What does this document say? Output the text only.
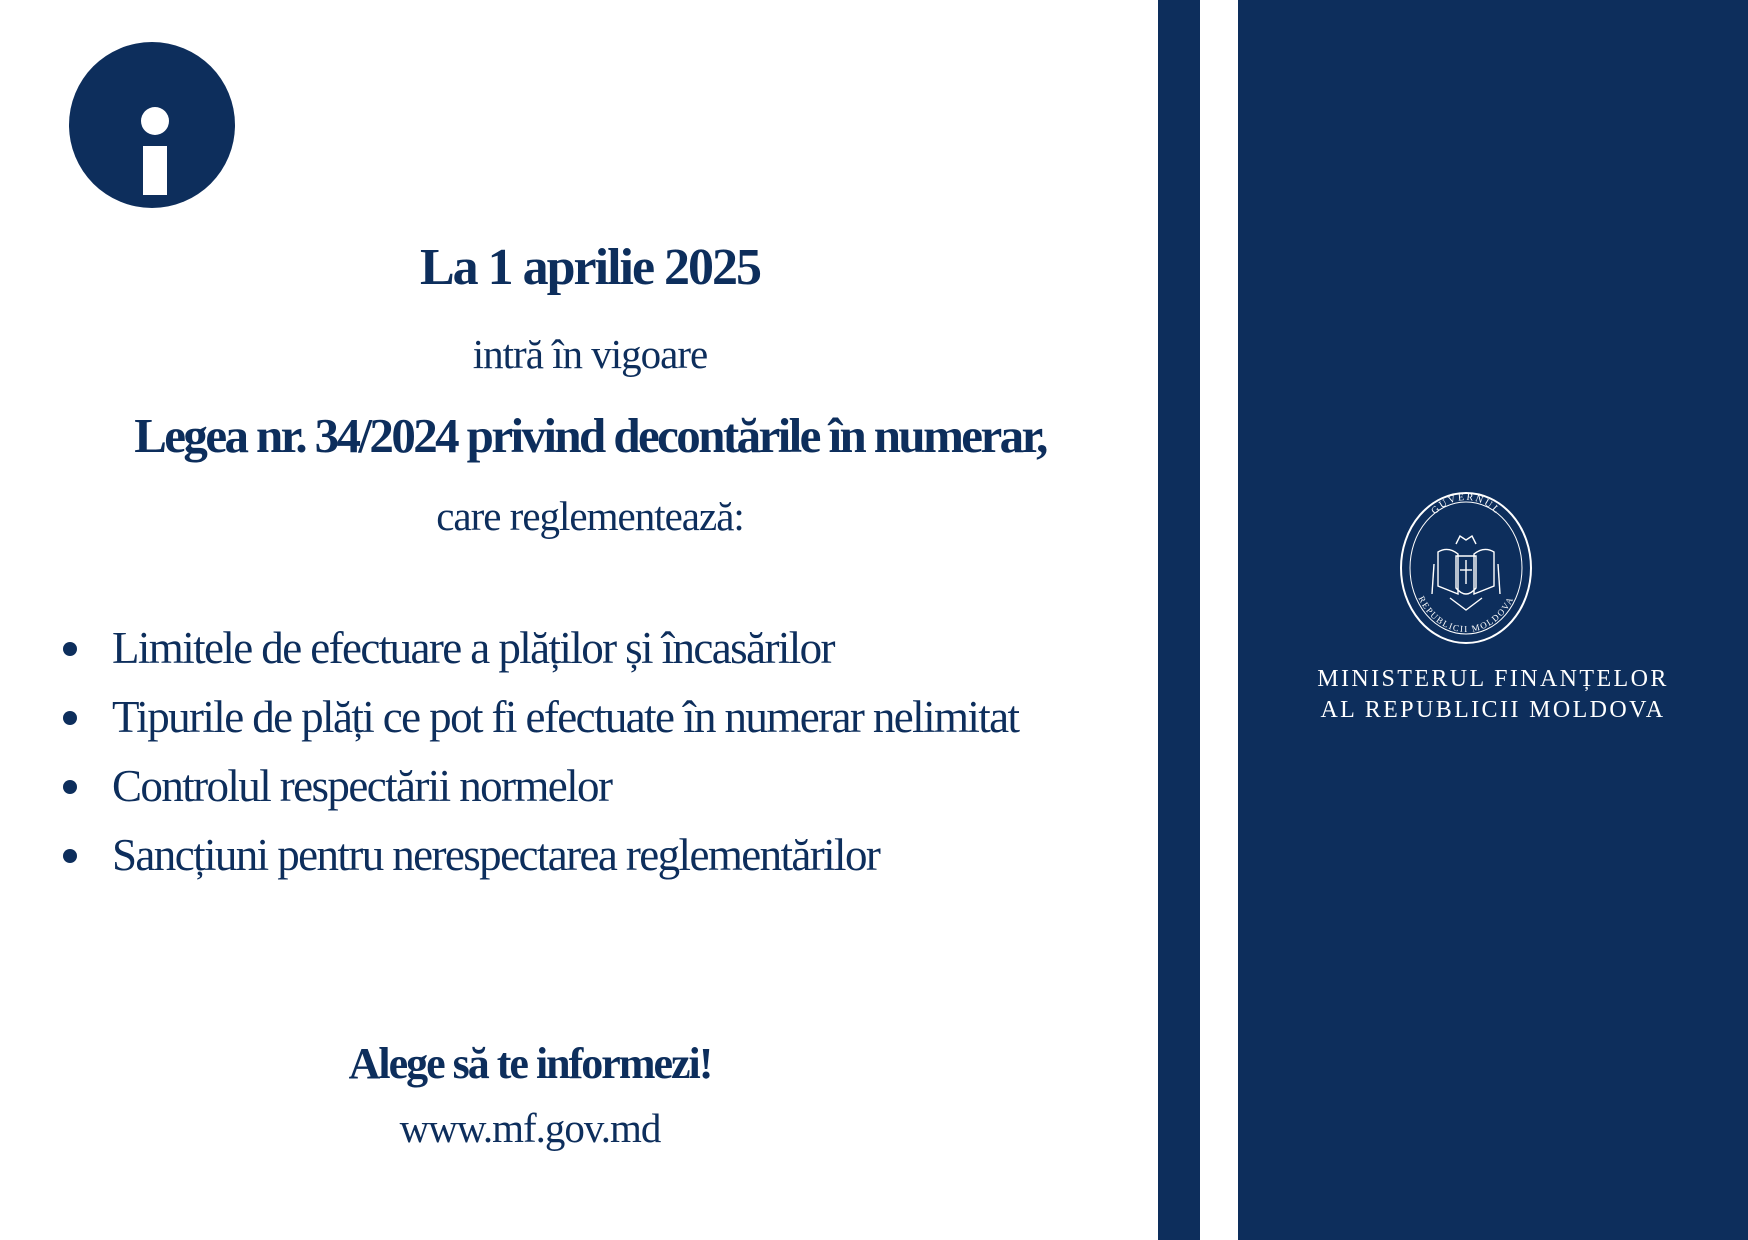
La 1 aprilie 2025
intră în vigoare
Legea nr. 34/2024 privind decontările în numerar,
care reglementează:
Limitele de efectuare a plăților și încasărilor
Tipurile de plăți ce pot fi efectuate în numerar nelimitat
Controlul respectării normelor
Sancțiuni pentru nerespectarea reglementărilor
Alege să te informezi!
www.mf.gov.md
GUVERNUL
REPUBLICII MOLDOVA
MINISTERUL FINANȚELOR
AL REPUBLICII MOLDOVA
